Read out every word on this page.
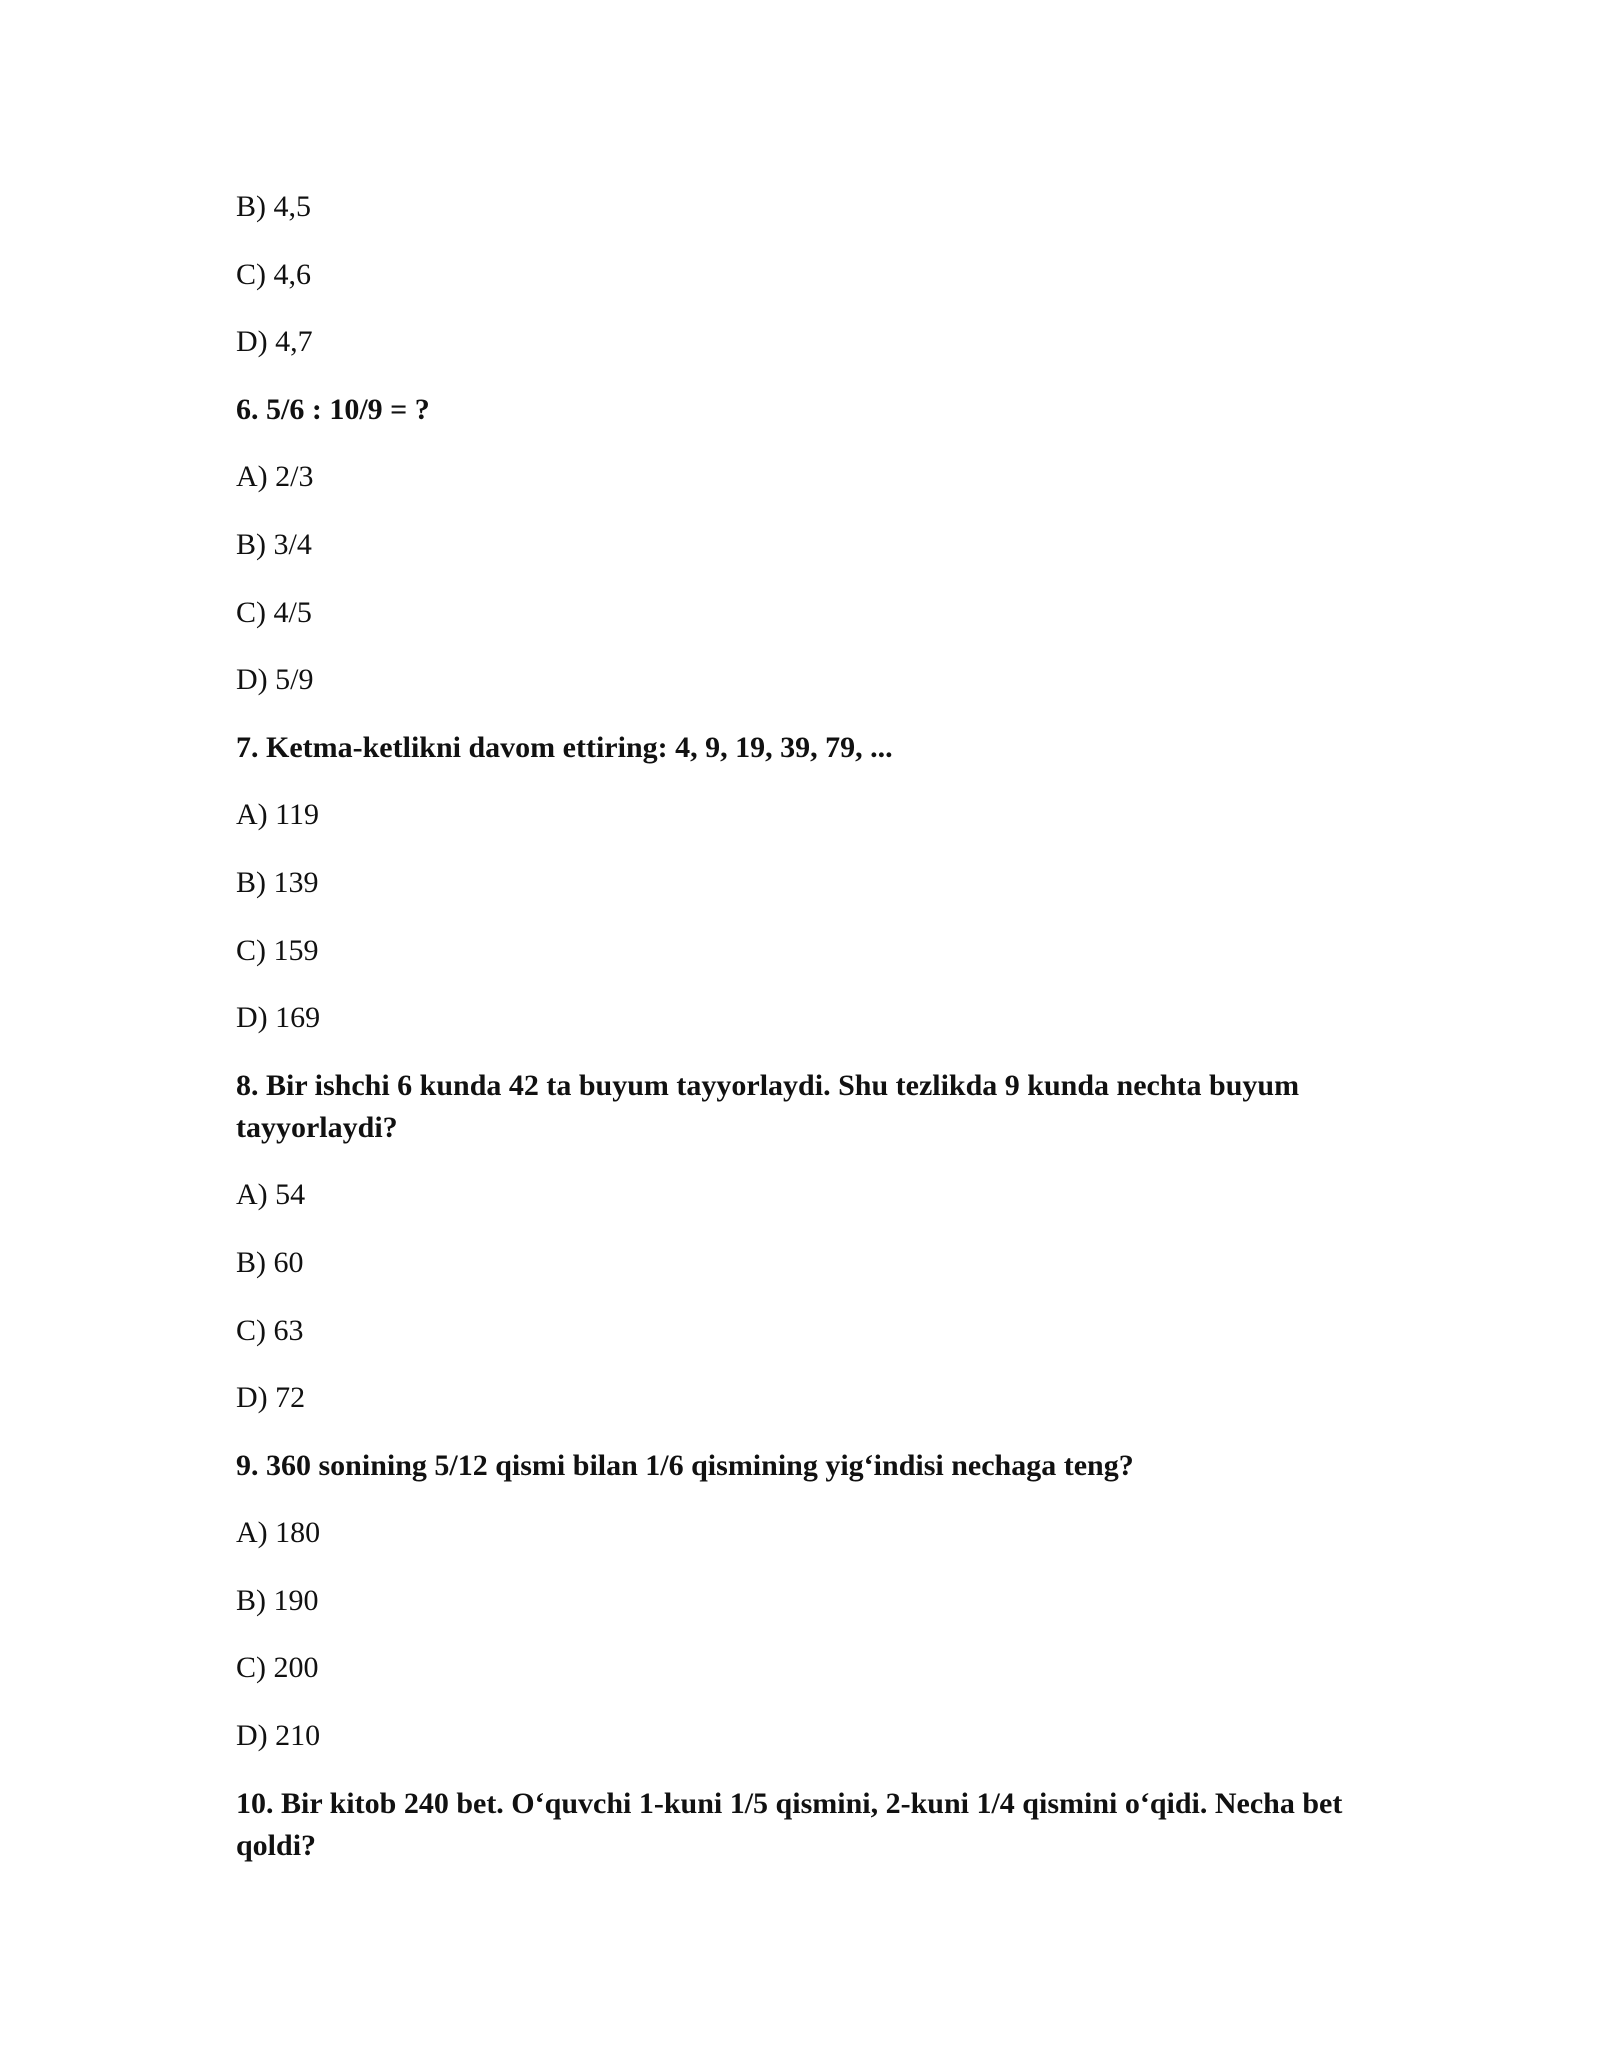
B) 4,5

C) 4,6

D) 4,7

6. 5/6 : 10/9 = ?

A) 2/3

B) 3/4

C) 4/5

D) 5/9

7. Ketma-ketlikni davom ettiring: 4, 9, 19, 39, 79, ...

A) 119

B) 139

C) 159

D) 169

8. Bir ishchi 6 kunda 42 ta buyum tayyorlaydi. Shu tezlikda 9 kunda nechta buyum tayyorlaydi?

A) 54

B) 60

C) 63

D) 72

9. 360 sonining 5/12 qismi bilan 1/6 qismining yig‘indisi nechaga teng?

A) 180

B) 190

C) 200

D) 210

10. Bir kitob 240 bet. O‘quvchi 1-kuni 1/5 qismini, 2-kuni 1/4 qismini o‘qidi. Necha bet qoldi?
